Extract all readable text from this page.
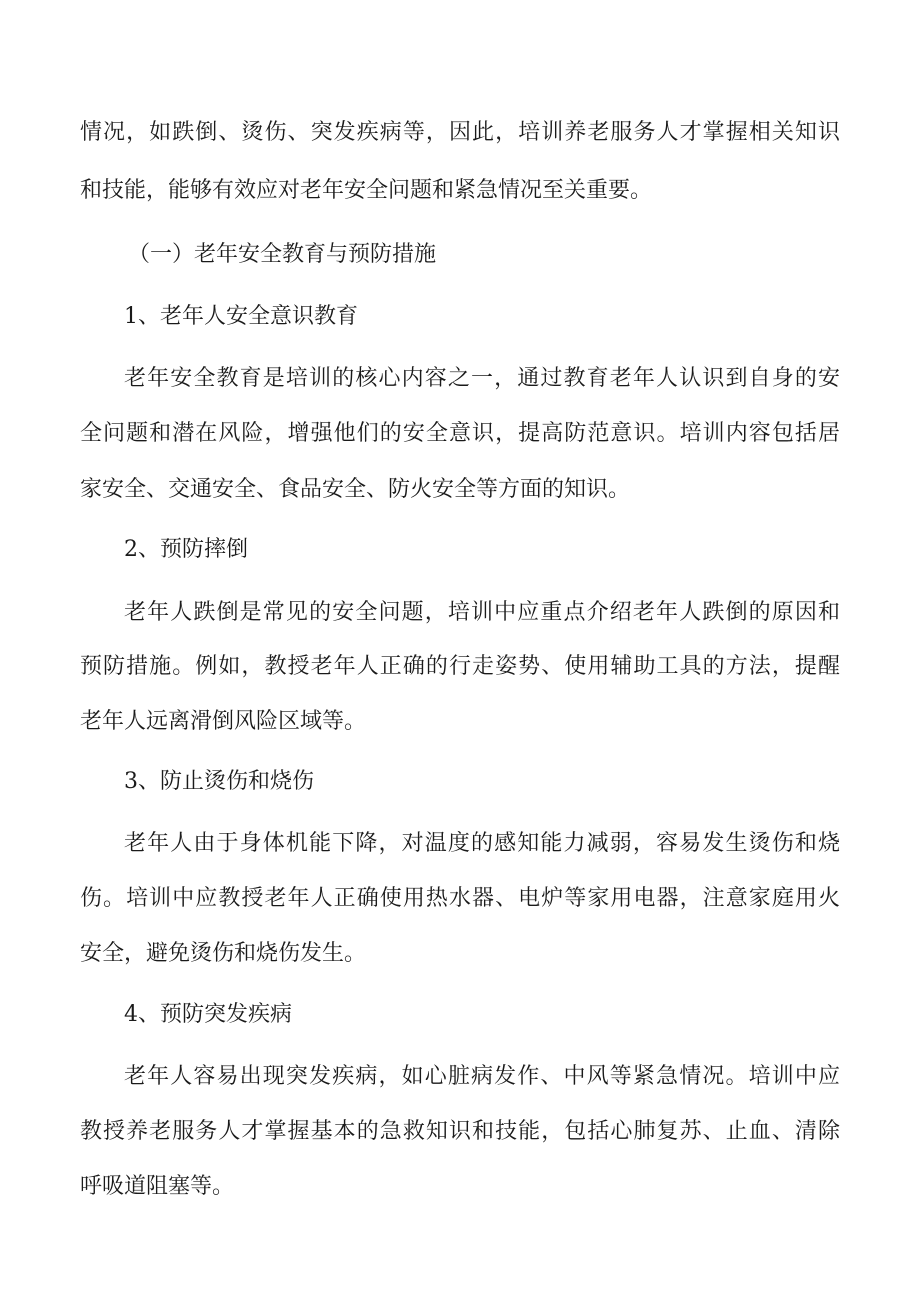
情况，如跌倒、烫伤、突发疾病等，因此，培训养老服务人才掌握相关知识
和技能，能够有效应对老年安全问题和紧急情况至关重要。
（一）老年安全教育与预防措施
1、老年人安全意识教育
老年安全教育是培训的核心内容之一，通过教育老年人认识到自身的安
全问题和潜在风险，增强他们的安全意识，提高防范意识。培训内容包括居
家安全、交通安全、食品安全、防火安全等方面的知识。
2、预防摔倒
老年人跌倒是常见的安全问题，培训中应重点介绍老年人跌倒的原因和
预防措施。例如，教授老年人正确的行走姿势、使用辅助工具的方法，提醒
老年人远离滑倒风险区域等。
3、防止烫伤和烧伤
老年人由于身体机能下降，对温度的感知能力减弱，容易发生烫伤和烧
伤。培训中应教授老年人正确使用热水器、电炉等家用电器，注意家庭用火
安全，避免烫伤和烧伤发生。
4、预防突发疾病
老年人容易出现突发疾病，如心脏病发作、中风等紧急情况。培训中应
教授养老服务人才掌握基本的急救知识和技能，包括心肺复苏、止血、清除
呼吸道阻塞等。
